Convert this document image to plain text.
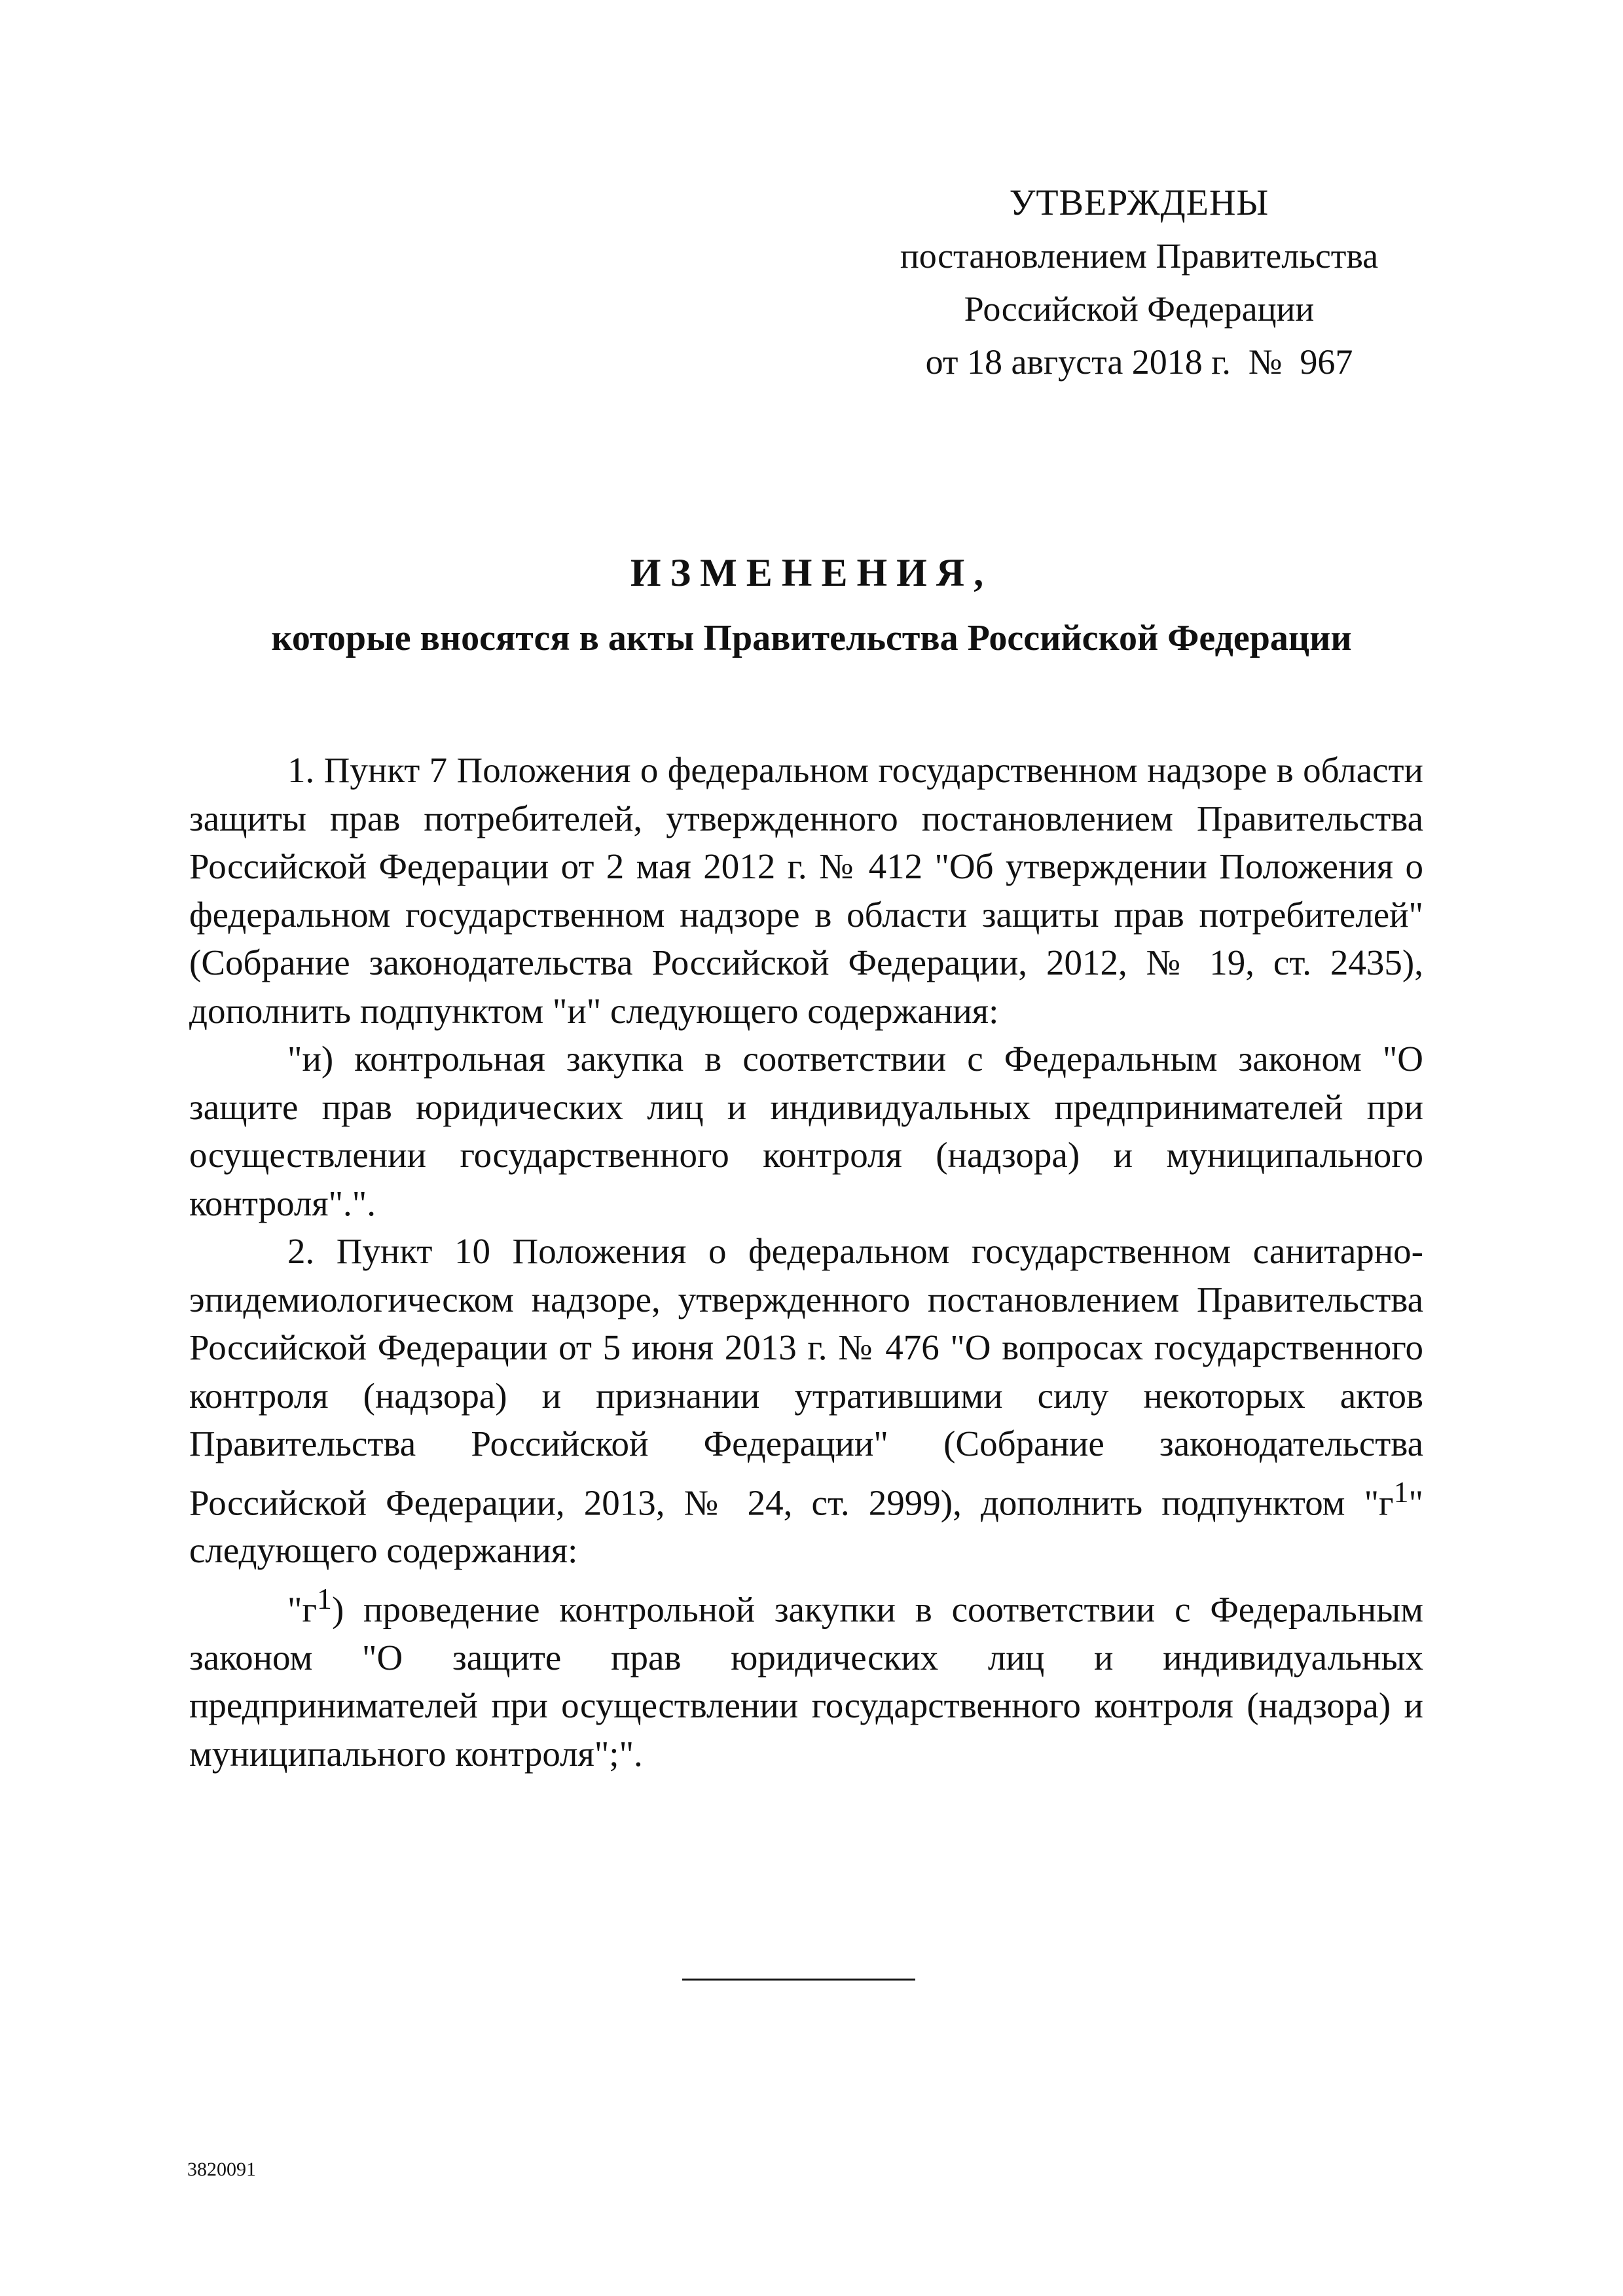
УТВЕРЖДЕНЫ
постановлением Правительства
Российской Федерации
от 18 августа 2018 г.  №  967
ИЗМЕНЕНИЯ,
которые вносятся в акты Правительства Российской Федерации

1. Пункт 7 Положения о федеральном государственном надзоре в области защиты прав потребителей, утвержденного постановлением Правительства Российской Федерации от 2 мая 2012 г. № 412 "Об утверждении Положения о федеральном государственном надзоре в области защиты прав потребителей" (Собрание законодательства Российской Федерации, 2012, № 19, ст. 2435), дополнить подпунктом "и" следующего содержания:

"и) контрольная закупка в соответствии с Федеральным законом "О защите прав юридических лиц и индивидуальных предпринимателей при осуществлении государственного контроля (надзора) и муниципального контроля".".

2. Пункт 10 Положения о федеральном государственном санитарно-эпидемиологическом надзоре, утвержденного постановлением Правительства Российской Федерации от 5 июня 2013 г. № 476 "О вопросах государственного контроля (надзора) и признании утратившими силу некоторых актов Правительства Российской Федерации" (Собрание законодательства Российской Федерации, 2013, № 24, ст. 2999), дополнить подпунктом "$г^1$" следующего содержания:

"$г^1$) проведение контрольной закупки в соответствии с Федеральным законом "О защите прав юридических лиц и индивидуальных предпринимателей при осуществлении государственного контроля (надзора) и муниципального контроля";".

3820091
